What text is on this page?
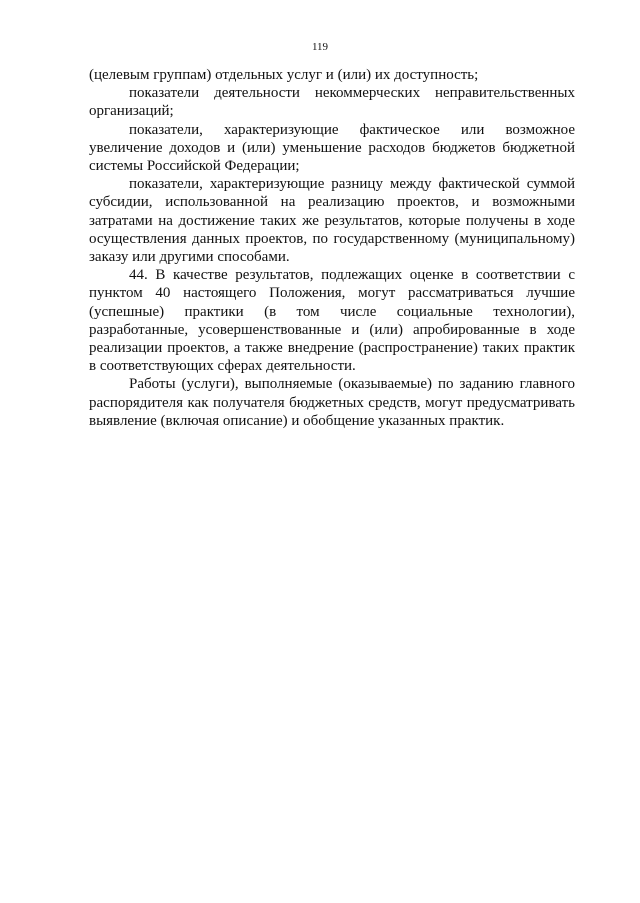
119

(целевым группам) отдельных услуг и (или) их доступность;

показатели деятельности некоммерческих неправительственных организаций;

показатели, характеризующие фактическое или возможное увеличение доходов и (или) уменьшение расходов бюджетов бюджетной системы Российской Федерации;

показатели, характеризующие разницу между фактической суммой субсидии, использованной на реализацию проектов, и возможными затратами на достижение таких же результатов, которые получены в ходе осуществления данных проектов, по государственному (муниципальному) заказу или другими способами.

44. В качестве результатов, подлежащих оценке в соответствии с пунктом 40 настоящего Положения, могут рассматриваться лучшие (успешные) практики (в том числе социальные технологии), разработанные, усовершенствованные и (или) апробированные в ходе реализации проектов, а также внедрение (распространение) таких практик в соответствующих сферах деятельности.

Работы (услуги), выполняемые (оказываемые) по заданию главного распорядителя как получателя бюджетных средств, могут предусматривать выявление (включая описание) и обобщение указанных практик.
